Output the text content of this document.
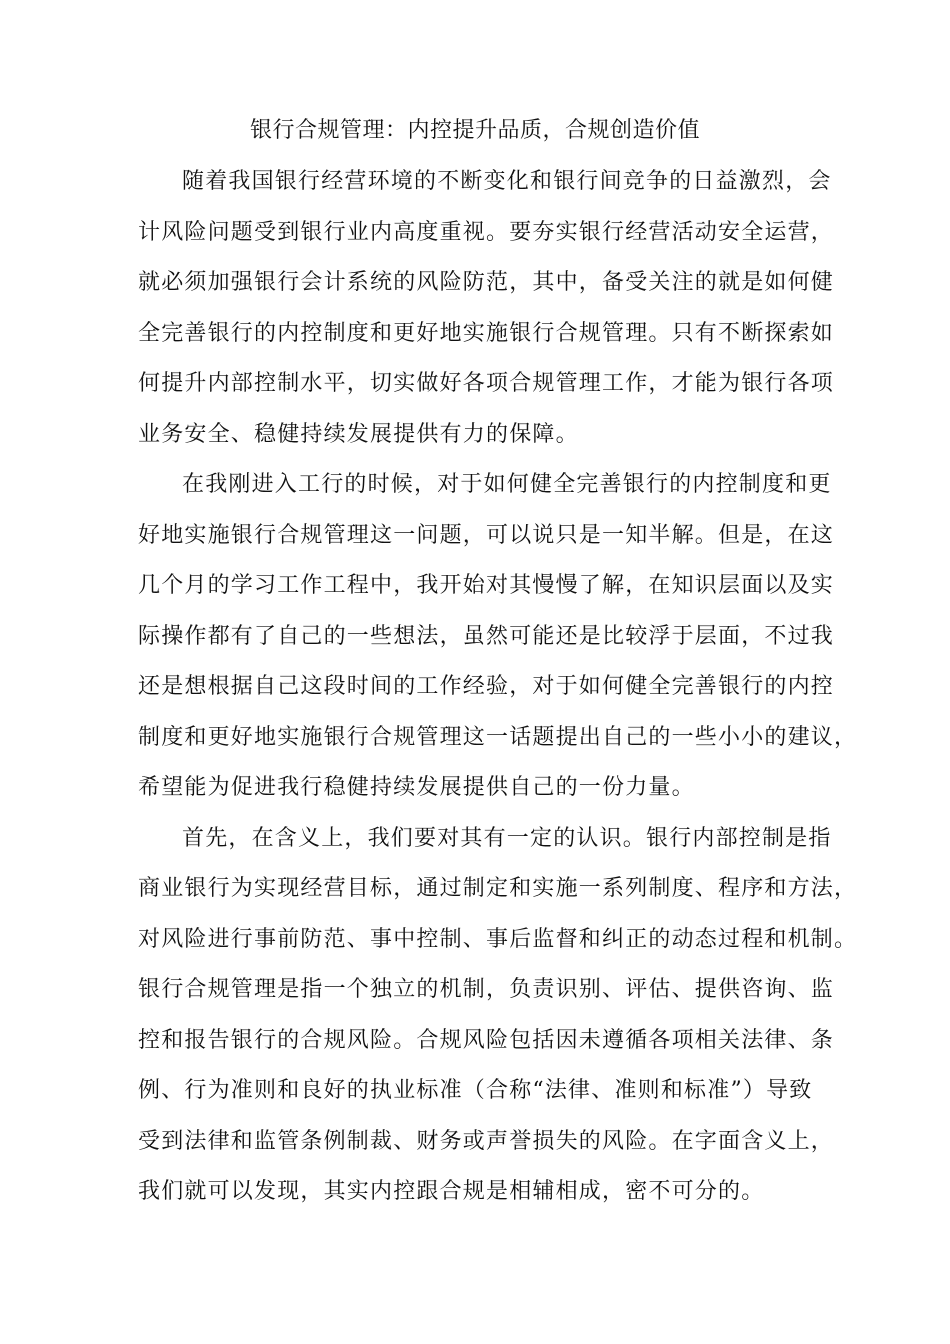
银行合规管理：内控提升品质，合规创造价值
随着我国银行经营环境的不断变化和银行间竞争的日益激烈，会
计风险问题受到银行业内高度重视。要夯实银行经营活动安全运营，
就必须加强银行会计系统的风险防范，其中，备受关注的就是如何健
全完善银行的内控制度和更好地实施银行合规管理。只有不断探索如
何提升内部控制水平，切实做好各项合规管理工作，才能为银行各项
业务安全、稳健持续发展提供有力的保障。
在我刚进入工行的时候，对于如何健全完善银行的内控制度和更
好地实施银行合规管理这一问题，可以说只是一知半解。但是，在这
几个月的学习工作工程中，我开始对其慢慢了解，在知识层面以及实
际操作都有了自己的一些想法，虽然可能还是比较浮于层面，不过我
还是想根据自己这段时间的工作经验，对于如何健全完善银行的内控
制度和更好地实施银行合规管理这一话题提出自己的一些小小的建议，
希望能为促进我行稳健持续发展提供自己的一份力量。
首先，在含义上，我们要对其有一定的认识。银行内部控制是指
商业银行为实现经营目标，通过制定和实施一系列制度、程序和方法，
对风险进行事前防范、事中控制、事后监督和纠正的动态过程和机制。
银行合规管理是指一个独立的机制，负责识别、评估、提供咨询、监
控和报告银行的合规风险。合规风险包括因未遵循各项相关法律、条
例、行为准则和良好的执业标准（合称“法律、准则和标准”）导致
受到法律和监管条例制裁、财务或声誉损失的风险。在字面含义上，
我们就可以发现，其实内控跟合规是相辅相成，密不可分的。
